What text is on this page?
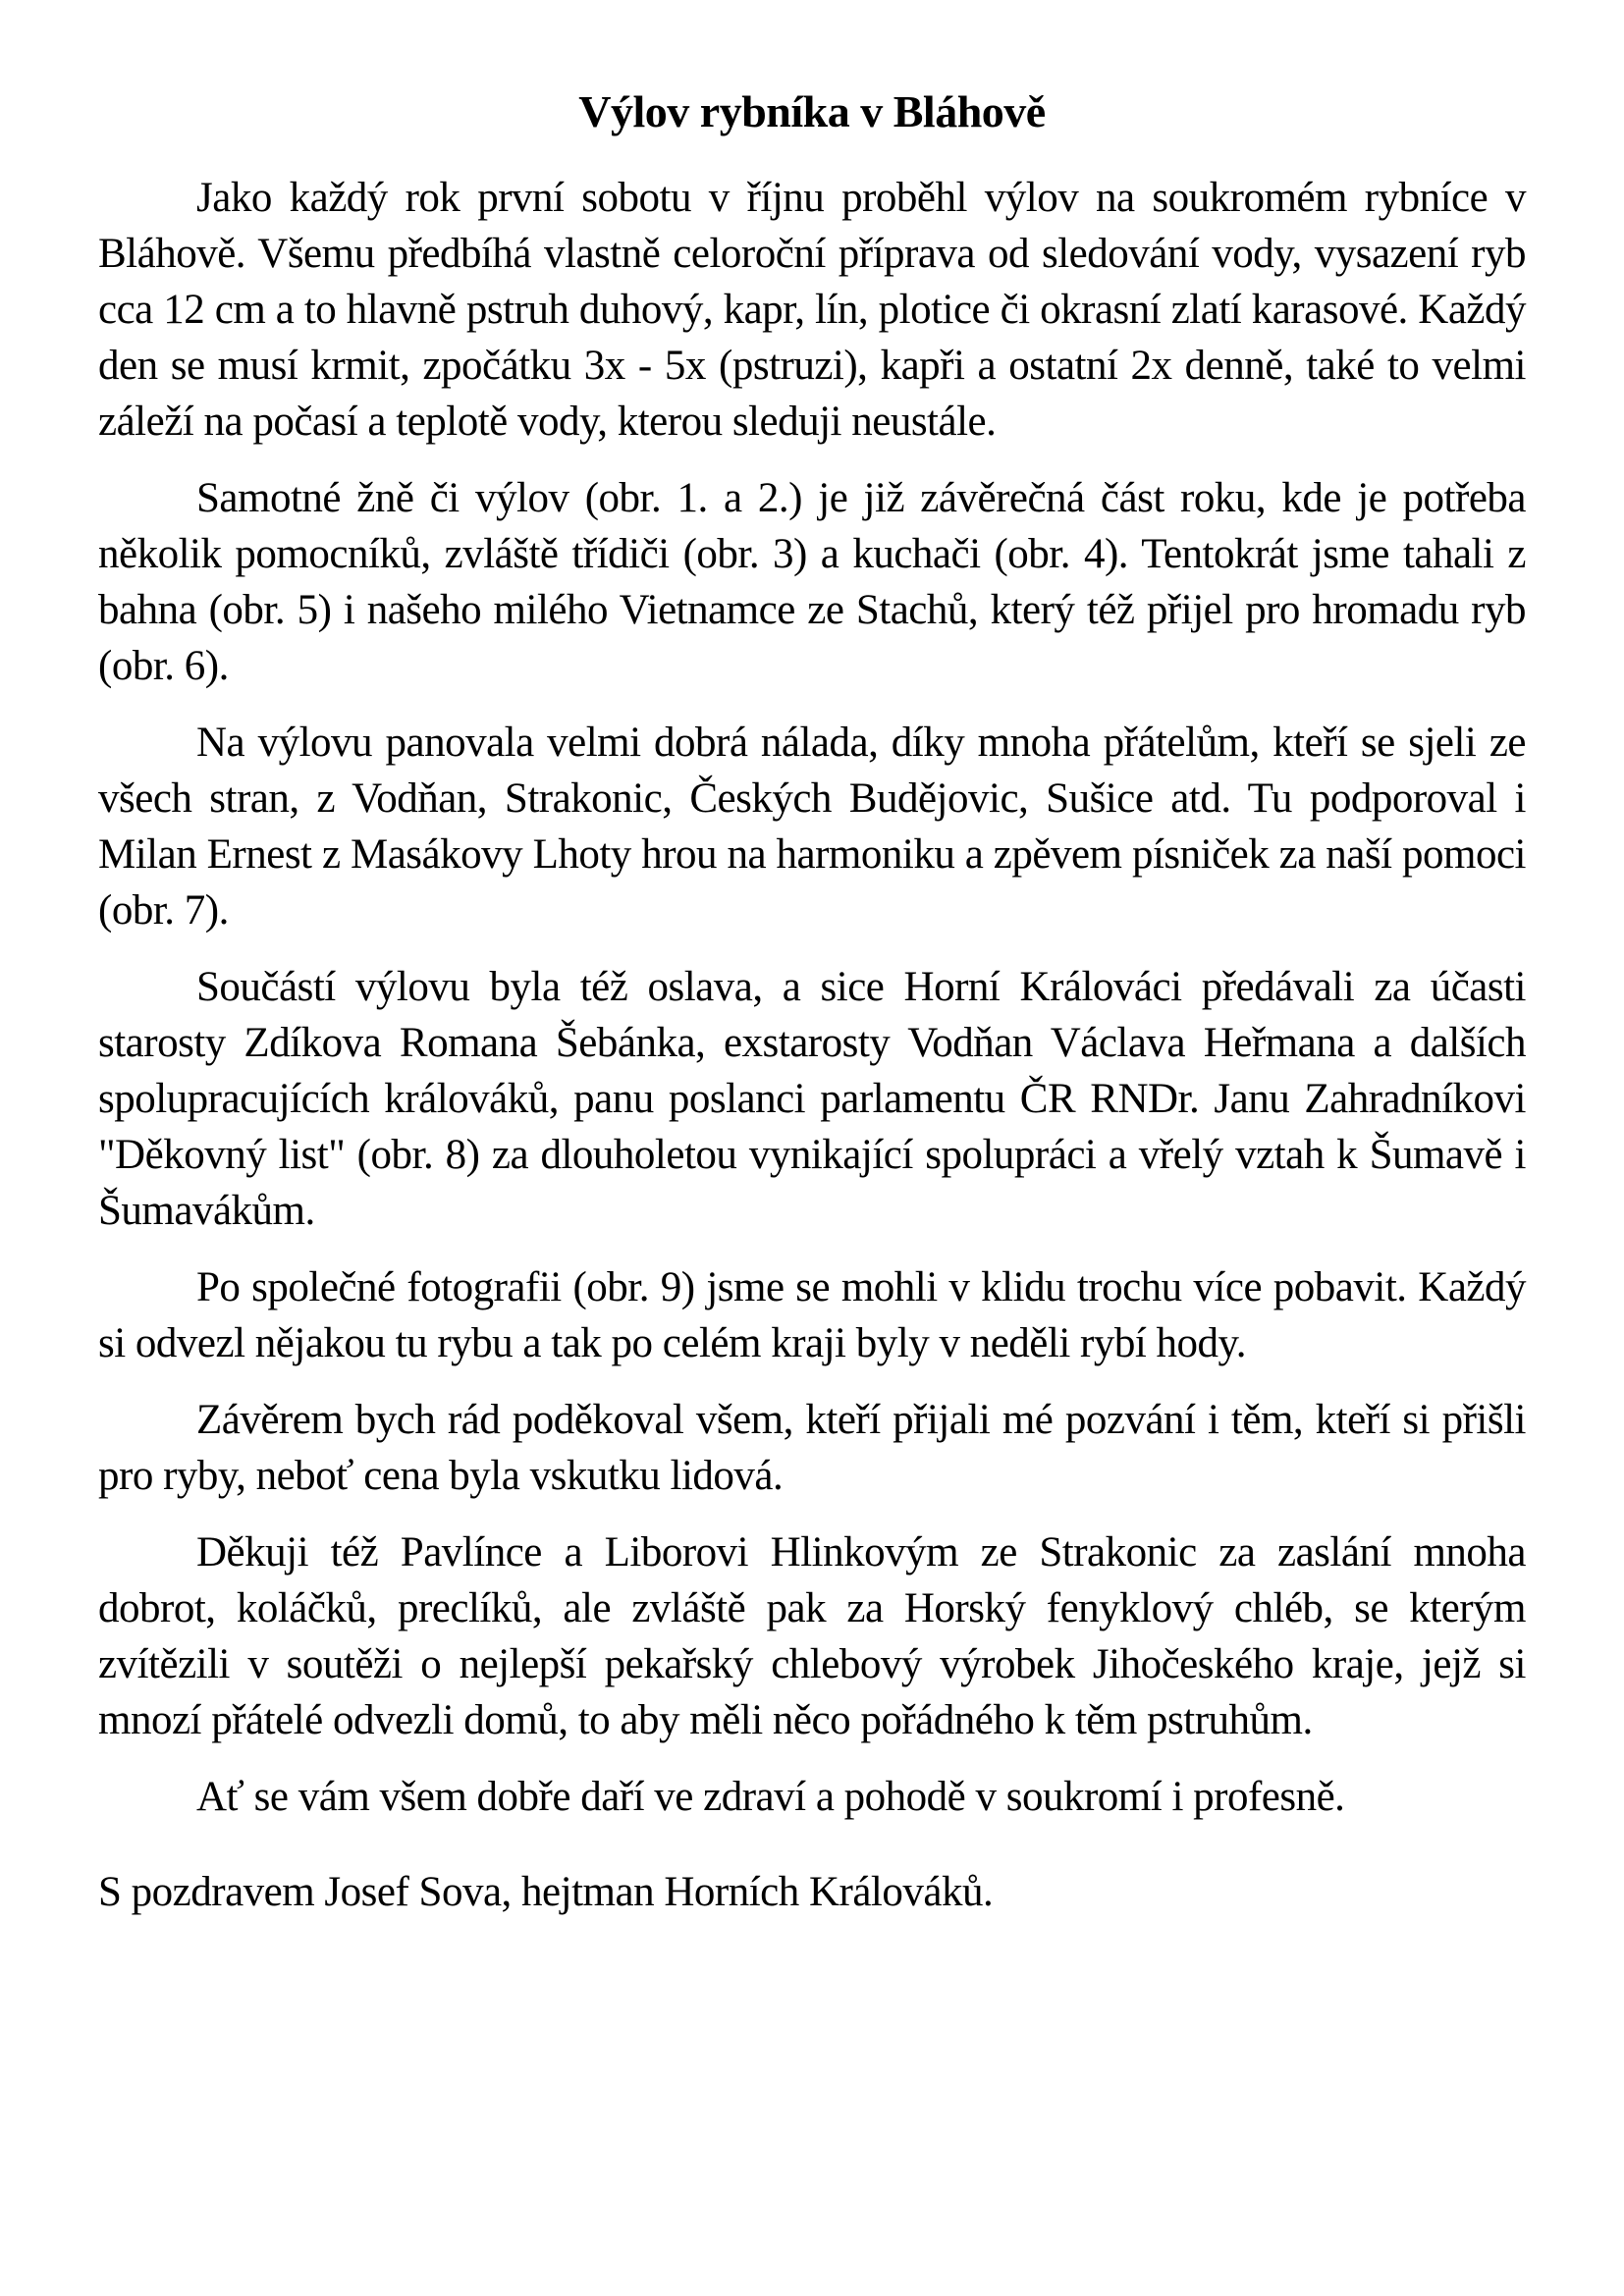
Výlov rybníka v Bláhově

Jako každý rok první sobotu v říjnu proběhl výlov na soukromém rybníce v Bláhově. Všemu předbíhá vlastně celoroční příprava od sledování vody, vysazení ryb cca 12 cm a to hlavně pstruh duhový, kapr, lín, plotice či okrasní zlatí karasové. Každý den se musí krmit, zpočátku 3x - 5x (pstruzi), kapři a ostatní 2x denně, také to velmi záleží na počasí a teplotě vody, kterou sleduji neustále.

Samotné žně či výlov (obr. 1. a 2.) je již závěrečná část roku, kde je potřeba několik pomocníků, zvláště třídiči (obr. 3) a kuchači (obr. 4). Tentokrát jsme tahali z bahna (obr. 5) i našeho milého Vietnamce ze Stachů, který též přijel pro hromadu ryb (obr. 6).

Na výlovu panovala velmi dobrá nálada, díky mnoha přátelům, kteří se sjeli ze všech stran, z Vodňan, Strakonic, Českých Budějovic, Sušice atd. Tu podporoval i Milan Ernest z Masákovy Lhoty hrou na harmoniku a zpěvem písniček za naší pomoci (obr. 7).

Součástí výlovu byla též oslava, a sice Horní Králováci předávali za účasti starosty Zdíkova Romana Šebánka, exstarosty Vodňan Václava Heřmana a dalších spolupracujících králováků, panu poslanci parlamentu ČR RNDr. Janu Zahradníkovi "Děkovný list" (obr. 8) za dlouholetou vynikající spolupráci a vřelý vztah k Šumavě i Šumavákům.

Po společné fotografii (obr. 9) jsme se mohli v klidu trochu více pobavit. Každý si odvezl nějakou tu rybu a tak po celém kraji byly v neděli rybí hody.

Závěrem bych rád poděkoval všem, kteří přijali mé pozvání i těm, kteří si přišli pro ryby, neboť cena byla vskutku lidová.

Děkuji též Pavlínce a Liborovi Hlinkovým ze Strakonic za zaslání mnoha dobrot, koláčků, preclíků, ale zvláště pak za Horský fenyklový chléb, se kterým zvítězili v soutěži o nejlepší pekařský chlebový výrobek Jihočeského kraje, jejž si mnozí přátelé odvezli domů, to aby měli něco pořádného k těm pstruhům.

Ať se vám všem dobře daří ve zdraví a pohodě v soukromí i profesně.

S pozdravem Josef Sova, hejtman Horních Králováků.
